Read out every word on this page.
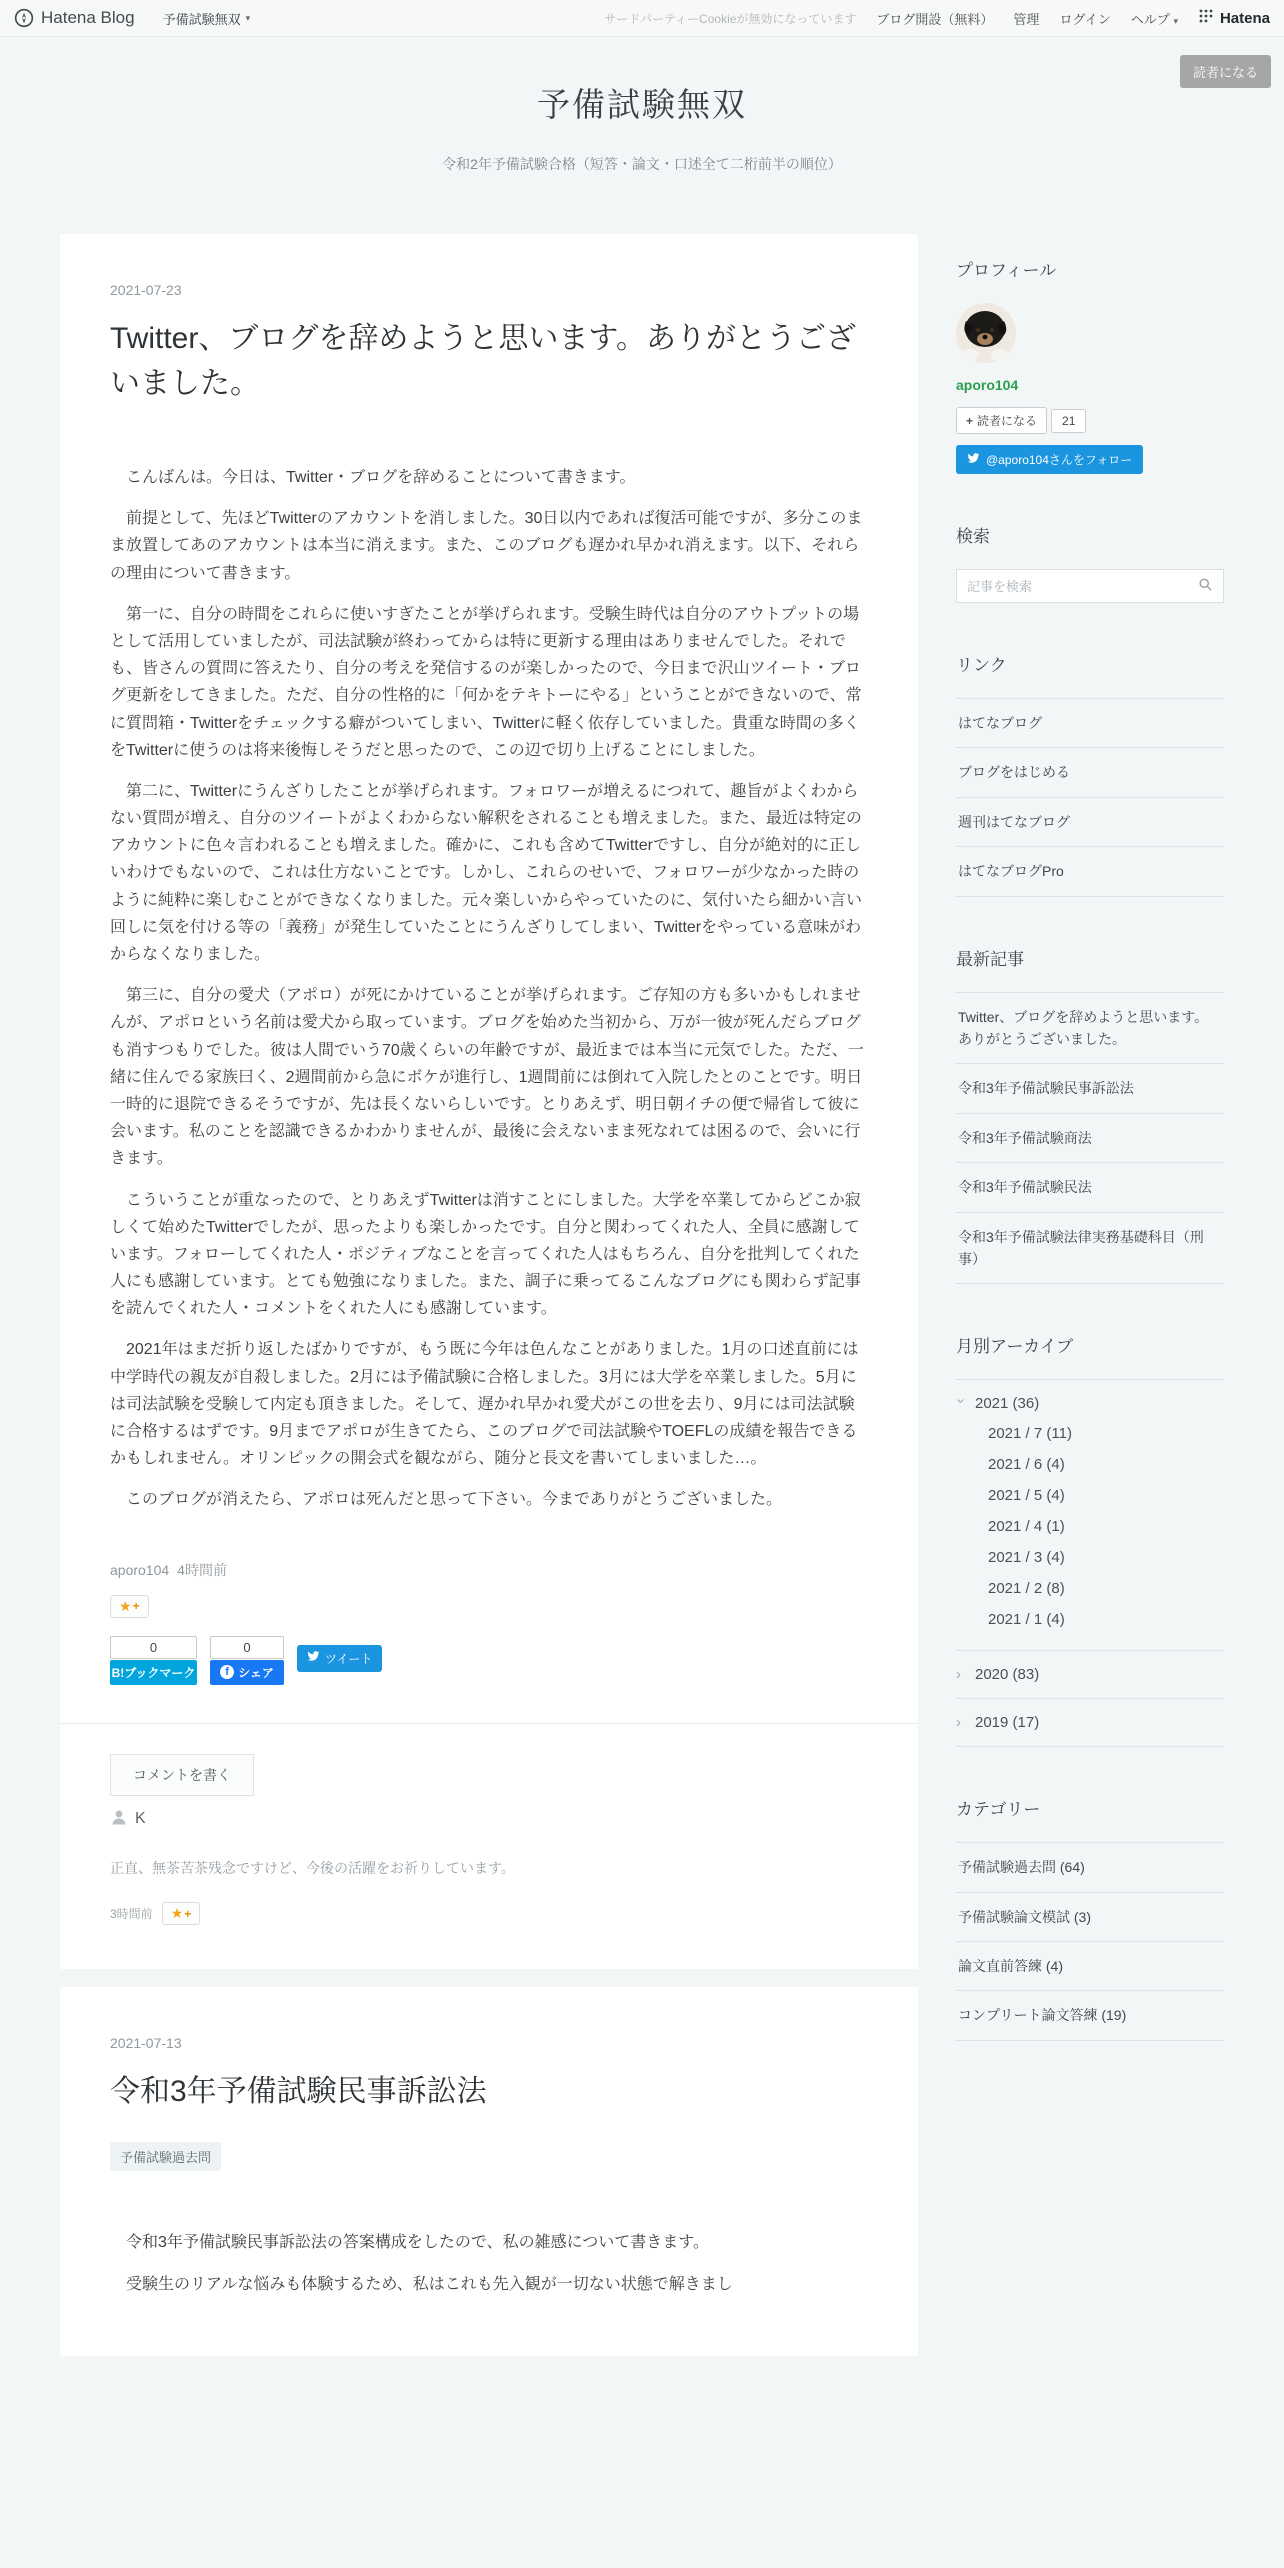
Hatena Blog 予備試験無双 ▾	サードパーティーCookieが無効になっています ブログ開設（無料） 管理 ログイン ヘルプ ▾	Hatena
読者になる
予備試験無双

令和2年予備試験合格（短答・論文・口述全て二桁前半の順位）

2021-07-23
Twitter、ブログを辞めようと思います。ありがとうございました。

　こんばんは。今日は、Twitter・ブログを辞めることについて書きます。

　前提として、先ほどTwitterのアカウントを消しました。30日以内であれば復活可能ですが、多分このまま放置してあのアカウントは本当に消えます。また、このブログも遅かれ早かれ消えます。以下、それらの理由について書きます。

　第一に、自分の時間をこれらに使いすぎたことが挙げられます。受験生時代は自分のアウトプットの場として活用していましたが、司法試験が終わってからは特に更新する理由はありませんでした。それでも、皆さんの質問に答えたり、自分の考えを発信するのが楽しかったので、今日まで沢山ツイート・ブログ更新をしてきました。ただ、自分の性格的に「何かをテキトーにやる」ということができないので、常に質問箱・Twitterをチェックする癖がついてしまい、Twitterに軽く依存していました。貴重な時間の多くをTwitterに使うのは将来後悔しそうだと思ったので、この辺で切り上げることにしました。

　第二に、Twitterにうんざりしたことが挙げられます。フォロワーが増えるにつれて、趣旨がよくわからない質問が増え、自分のツイートがよくわからない解釈をされることも増えました。また、最近は特定のアカウントに色々言われることも増えました。確かに、これも含めてTwitterですし、自分が絶対的に正しいわけでもないので、これは仕方ないことです。しかし、これらのせいで、フォロワーが少なかった時のように純粋に楽しむことができなくなりました。元々楽しいからやっていたのに、気付いたら細かい言い回しに気を付ける等の「義務」が発生していたことにうんざりしてしまい、Twitterをやっている意味がわからなくなりました。

　第三に、自分の愛犬（アポロ）が死にかけていることが挙げられます。ご存知の方も多いかもしれませんが、アポロという名前は愛犬から取っています。ブログを始めた当初から、万が一彼が死んだらブログも消すつもりでした。彼は人間でいう70歳くらいの年齢ですが、最近までは本当に元気でした。ただ、一緒に住んでる家族曰く、2週間前から急にボケが進行し、1週間前には倒れて入院したとのことです。明日一時的に退院できるそうですが、先は長くないらしいです。とりあえず、明日朝イチの便で帰省して彼に会います。私のことを認識できるかわかりませんが、最後に会えないまま死なれては困るので、会いに行きます。

　こういうことが重なったので、とりあえずTwitterは消すことにしました。大学を卒業してからどこか寂しくて始めたTwitterでしたが、思ったよりも楽しかったです。自分と関わってくれた人、全員に感謝しています。フォローしてくれた人・ポジティブなことを言ってくれた人はもちろん、自分を批判してくれた人にも感謝しています。とても勉強になりました。また、調子に乗ってるこんなブログにも関わらず記事を読んでくれた人・コメントをくれた人にも感謝しています。

　2021年はまだ折り返したばかりですが、もう既に今年は色んなことがありました。1月の口述直前には中学時代の親友が自殺しました。2月には予備試験に合格しました。3月には大学を卒業しました。5月には司法試験を受験して内定も頂きました。そして、遅かれ早かれ愛犬がこの世を去り、9月には司法試験に合格するはずです。9月までアポロが生きてたら、このブログで司法試験やTOEFLの成績を報告できるかもしれません。オリンピックの開会式を観ながら、随分と長文を書いてしまいました…。

　このブログが消えたら、アポロは死んだと思って下さい。今までありがとうございました。

aporo104 4時間前
★ +
0
B!ブックマーク
0
f シェア
ツイート
コメントを書く
K

正直、無茶苦茶残念ですけど、今後の活躍をお祈りしています。

3時間前 ★ +
2021-07-13
令和3年予備試験民事訴訟法
予備試験過去問

　令和3年予備試験民事訴訟法の答案構成をしたので、私の雑感について書きます。

　受験生のリアルな悩みも体験するため、私はこれも先入観が一切ない状態で解きまし

プロフィール
aporo104
+ 読者になる	21
@aporo104さんをフォロー
検索
記事を検索
リンク
はてなブログ
ブログをはじめる
週刊はてなブログ
はてなブログPro
最新記事
Twitter、ブログを辞めようと思います。ありがとうございました。
令和3年予備試験民事訴訟法
令和3年予備試験商法
令和3年予備試験民法
令和3年予備試験法律実務基礎科目（刑事）
月別アーカイブ
› 2021 (36)
2021 / 7 (11)
2021 / 6 (4)
2021 / 5 (4)
2021 / 4 (1)
2021 / 3 (4)
2021 / 2 (8)
2021 / 1 (4)
› 2020 (83)
› 2019 (17)
カテゴリー
予備試験過去問 (64)
予備試験論文模試 (3)
論文直前答練 (4)
コンプリート論文答練 (19)
